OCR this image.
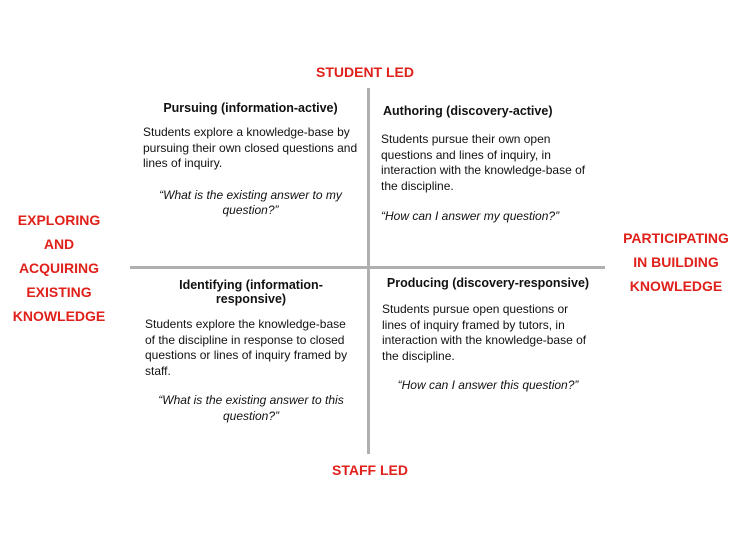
STUDENT LED
STAFF LED
EXPLORING
AND
ACQUIRING
EXISTING
KNOWLEDGE
PARTICIPATING
IN BUILDING
KNOWLEDGE

Pursuing (information-active)

Students explore a knowledge-base by pursuing their own closed questions and lines of inquiry.

“What is the existing answer to my question?”

Authoring (discovery-active)

Students pursue their own open questions and lines of inquiry, in interaction with the knowledge-base of the discipline.

“How can I answer my question?”

Identifying (information-responsive)

Students explore the knowledge-base of the discipline in response to closed questions or lines of inquiry framed by staff.

“What is the existing answer to this question?”

Producing (discovery-responsive)

Students pursue open questions or lines of inquiry framed by tutors, in interaction with the knowledge-base of the discipline.

“How can I answer this question?”
